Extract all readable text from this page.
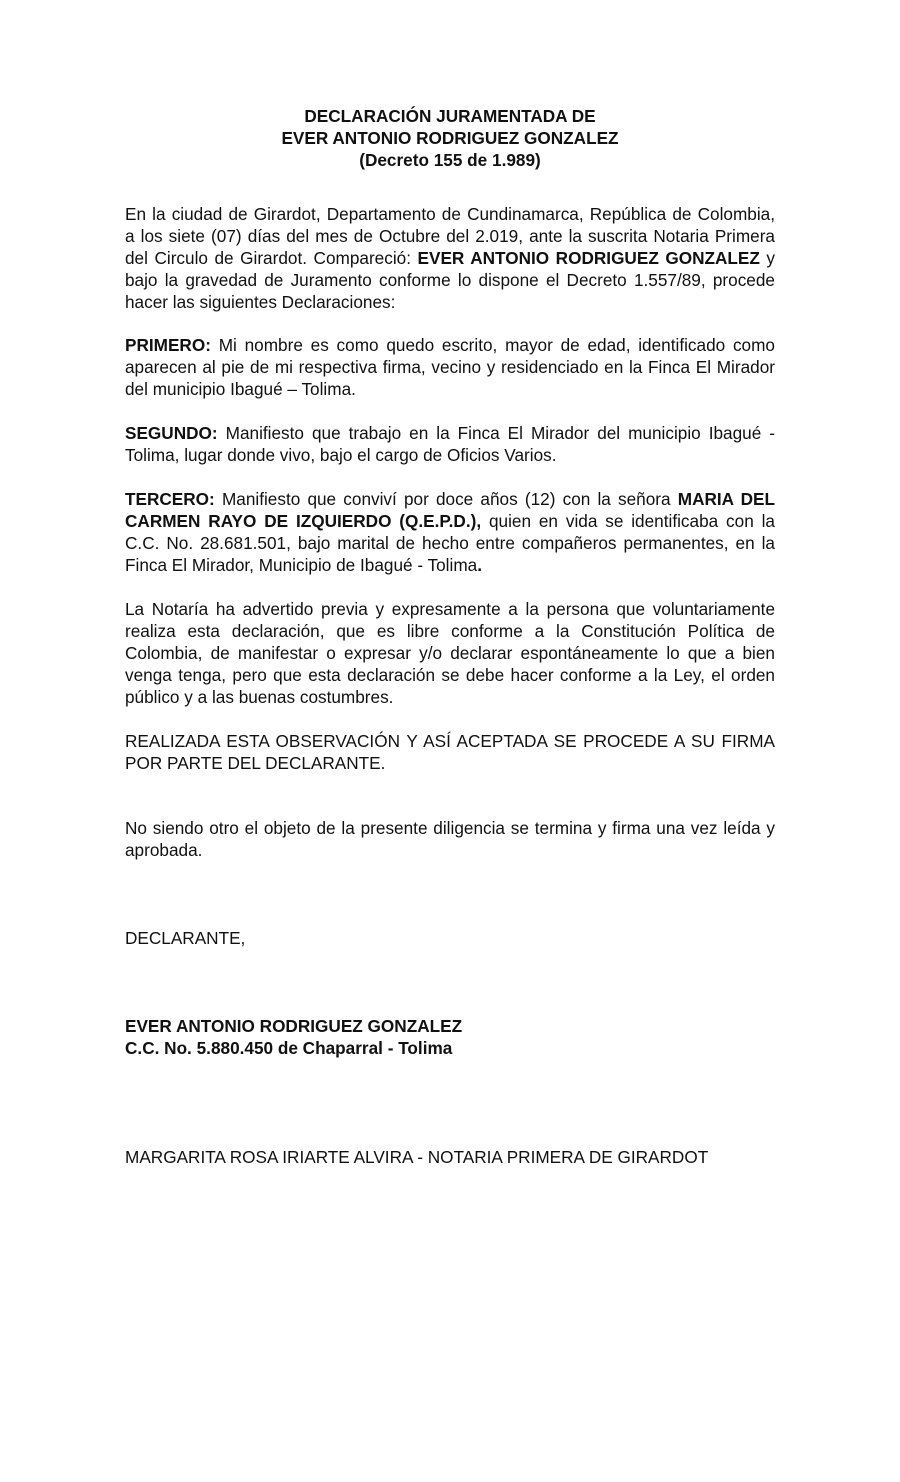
DECLARACIÓN JURAMENTADA DE
EVER ANTONIO RODRIGUEZ GONZALEZ
(Decreto 155 de 1.989)

En la ciudad de Girardot, Departamento de Cundinamarca, República de Colombia, a los siete (07) días del mes de Octubre del 2.019, ante la suscrita Notaria Primera del Circulo de Girardot. Compareció: EVER ANTONIO RODRIGUEZ GONZALEZ y bajo la gravedad de Juramento conforme lo dispone el Decreto 1.557/89, procede hacer las siguientes Declaraciones:

PRIMERO: Mi nombre es como quedo escrito, mayor de edad, identificado como aparecen al pie de mi respectiva firma, vecino y residenciado en la Finca El Mirador del municipio Ibagué – Tolima.

SEGUNDO: Manifiesto que trabajo en la Finca El Mirador del municipio Ibagué - Tolima, lugar donde vivo, bajo el cargo de Oficios Varios.

TERCERO: Manifiesto que conviví por doce años (12) con la señora MARIA DEL CARMEN RAYO DE IZQUIERDO (Q.E.P.D.), quien en vida se identificaba con la C.C. No. 28.681.501, bajo marital de hecho entre compañeros permanentes, en la Finca El Mirador, Municipio de Ibagué - Tolima.

La Notaría ha advertido previa y expresamente a la persona que voluntariamente realiza esta declaración, que es libre conforme a la Constitución Política de Colombia, de manifestar o expresar y/o declarar espontáneamente lo que a bien venga tenga, pero que esta declaración se debe hacer conforme a la Ley, el orden público y a las buenas costumbres.

REALIZADA ESTA OBSERVACIÓN Y ASÍ ACEPTADA SE PROCEDE A SU FIRMA POR PARTE DEL DECLARANTE.

No siendo otro el objeto de la presente diligencia se termina y firma una vez leída y aprobada.

DECLARANTE,

EVER ANTONIO RODRIGUEZ GONZALEZ
C.C. No. 5.880.450 de Chaparral - Tolima

MARGARITA ROSA IRIARTE ALVIRA - NOTARIA PRIMERA DE GIRARDOT
